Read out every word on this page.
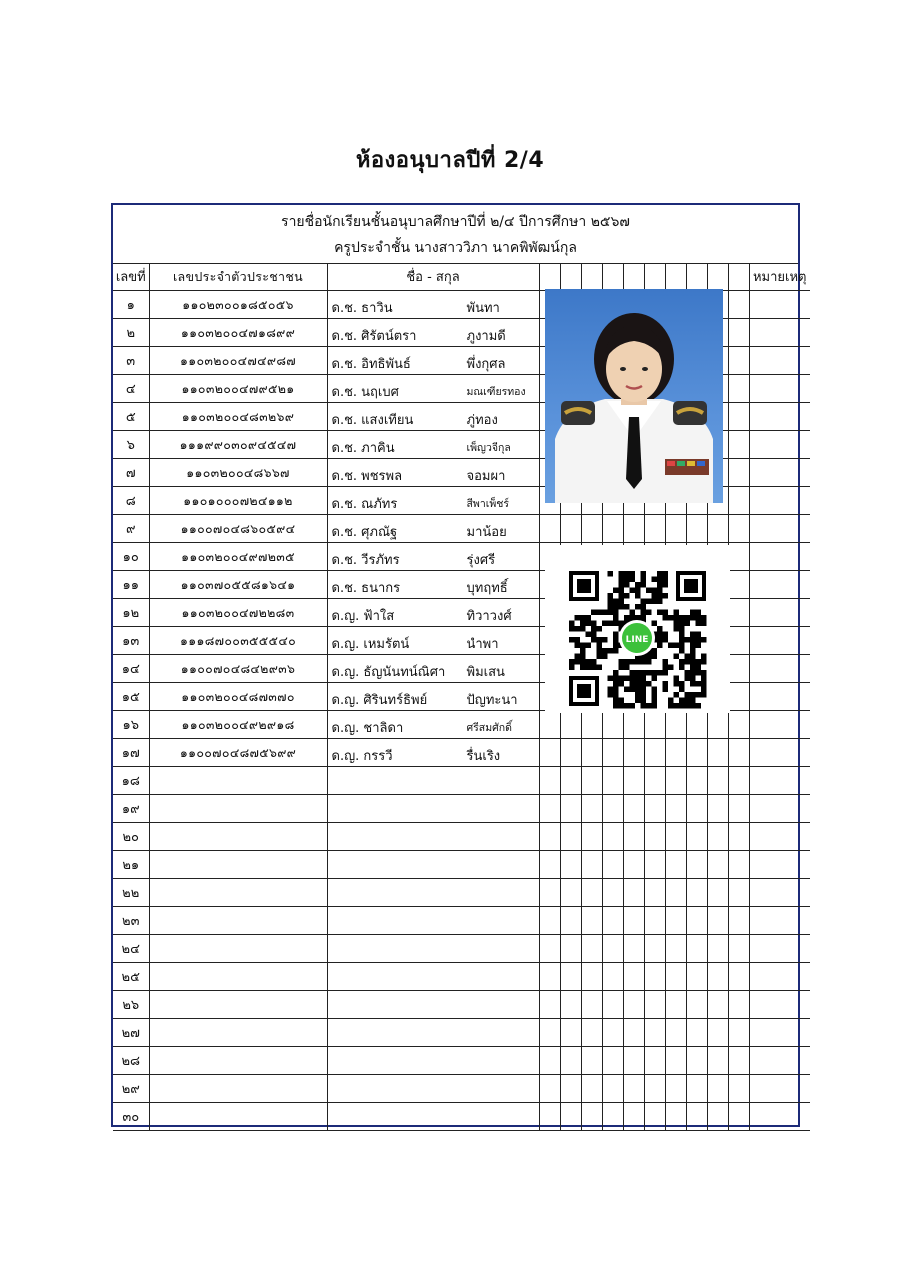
ห้องอนุบาลปีที่ 2/4
รายชื่อนักเรียนชั้นอนุบาลศึกษาปีที่ ๒/๔ ปีการศึกษา ๒๕๖๗
ครูประจำชั้น นางสาววิภา นาคพิพัฒน์กุล
เลขที่	เลขประจำตัวประชาชน	ชื่อ - สกุล											หมายเหตุ
๑	๑๑๐๒๓๐๐๑๘๕๐๕๖	ด.ช. ธาวิน พันทา											

๒	๑๑๐๓๒๐๐๔๗๑๘๙๙	ด.ช. ศิรัตน์ตรา ภูงามดี											

๓	๑๑๐๓๒๐๐๔๗๔๙๘๗	ด.ช. อิทธิพันธ์ พึ่งกุศล											

๔	๑๑๐๓๒๐๐๔๗๙๕๒๑	ด.ช. นฤเบศ มณเฑียรทอง											

๕	๑๑๐๓๒๐๐๔๘๓๒๖๙	ด.ช. แสงเทียน ภู่ทอง											

๖	๑๑๑๙๙๐๓๐๙๔๕๔๗	ด.ช. ภาคิน เพ็ญวจีกุล											

๗	๑๑๐๓๒๐๐๔๘๖๖๗	ด.ช. พชรพล จอมผา											

๘	๑๑๐๑๐๐๐๗๒๔๑๑๒	ด.ช. ณภัทร สีพาเพ็ชร์											

๙	๑๑๐๐๗๐๔๘๖๐๕๙๔	ด.ช. ศุภณัฐ มาน้อย											

๑๐	๑๑๐๓๒๐๐๔๙๗๒๓๕	ด.ช. วีรภัทร รุ่งศรี											

๑๑	๑๑๐๓๗๐๕๕๘๑๖๔๑	ด.ช. ธนากร บุทฤทธิ์											

๑๒	๑๑๐๓๒๐๐๔๗๒๒๘๓	ด.ญ. ฟ้าใส ทิวาวงศ์											

๑๓	๑๑๑๘๗๐๐๓๕๕๕๔๐	ด.ญ. เหมรัตน์ นำพา											

๑๔	๑๑๐๐๗๐๔๘๔๒๙๓๖	ด.ญ. ธัญนันทน์ณิศา พิมเสน											

๑๕	๑๑๐๓๒๐๐๔๘๗๓๗๐	ด.ญ. ศิรินทร์ธิพย์ ปัญทะนา											

๑๖	๑๑๐๓๒๐๐๔๙๒๙๑๘	ด.ญ. ชาลิดา ศรีสมศักดิ์											

๑๗	๑๑๐๐๗๐๔๘๗๕๖๙๙	ด.ญ. กรรวี รื่นเริง											

๑๘		

๑๙		

๒๐		

๒๑		

๒๒		

๒๓		

๒๔		

๒๕		

๒๖		

๒๗		

๒๘		

๒๙		

๓๐		

LINE
